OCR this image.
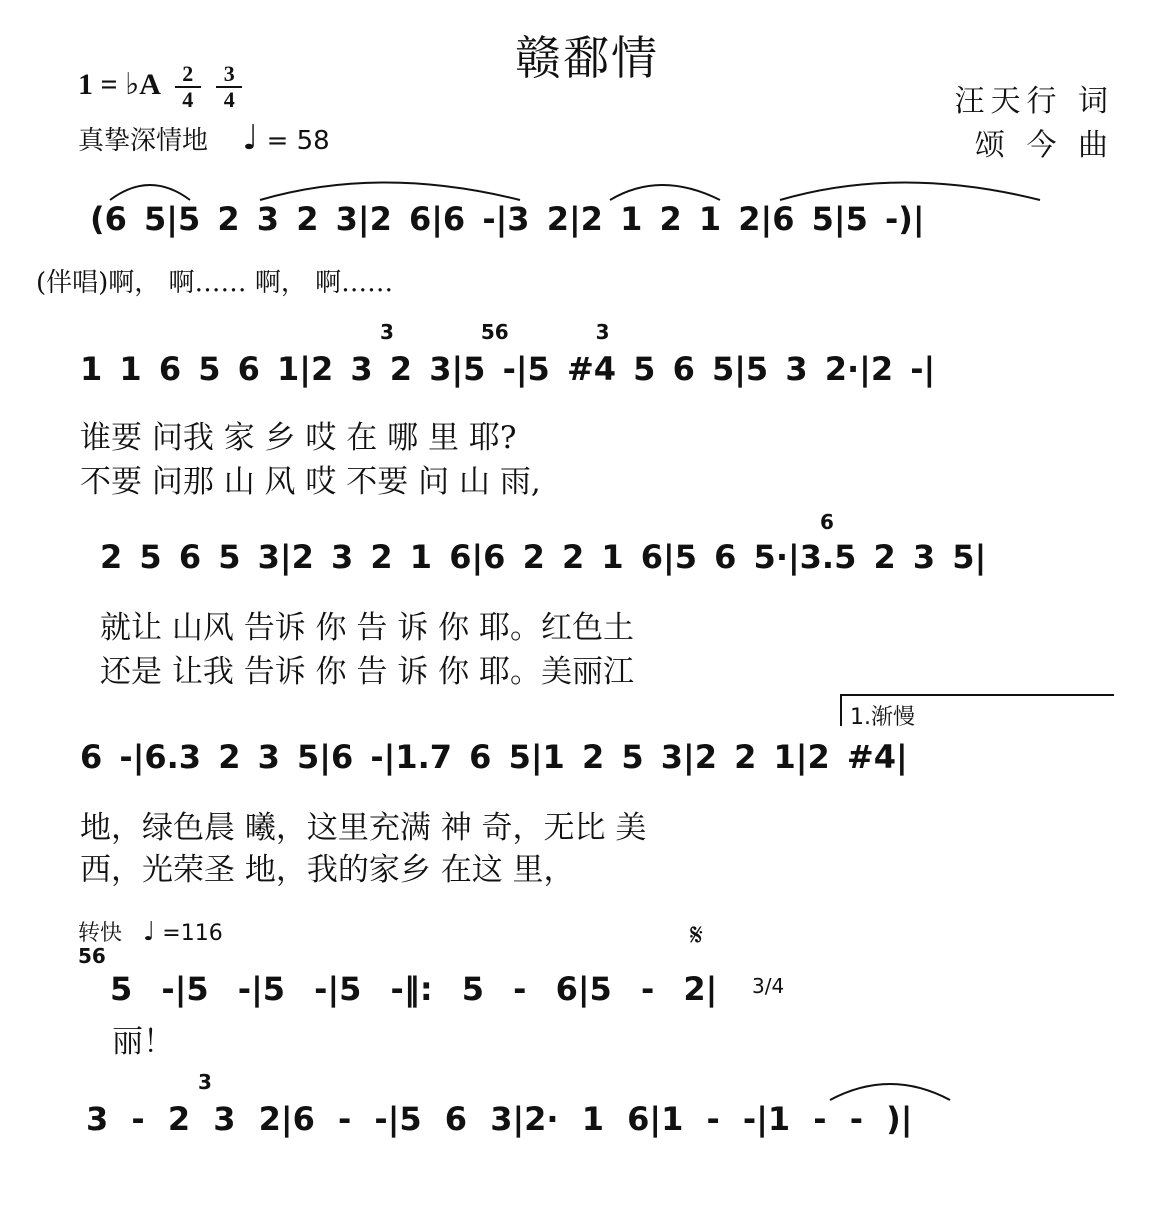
赣鄱情
1 = ♭A $\frac{2}{4}$
$\frac{3}{4}$
真挚深情地 ♩ = 58
汪天行 词
颂 今 曲
(6 5|5 2 3 2 3|2 6|6 -|3 2|2 1 2 1 2|6 5|5 -)|
(伴唱)啊， 啊…… 啊， 啊……
3 56 3
1 1 6 5 6 1|2 3 2 3|5 -|5 #4 5 6 5|5 3 2·|2 -|
谁要 问我 家 乡 哎 在 哪 里 耶?
不要 问那 山 风 哎 不要 问 山 雨,
6
2 5 6 5 3|2 3 2 1 6|6 2 2 1 6|5 6 5·|3.5 2 3 5|
就让 山风 告诉 你 告 诉 你 耶。红色土
还是 让我 告诉 你 告 诉 你 耶。美丽江
1.渐慢
6 -|6.3 2 3 5|6 -|1.7 6 5|1 2 5 3|2 2 1|2 #4|
地，绿色晨 曦，这里充满 神 奇，无比 美
西，光荣圣 地，我的家乡 在这 里，
转快 ♩ =116
56
𝄋
5 -|5 -|5 -|5 -‖: 5 - 6|5 - 2| 3/4
丽！
3
3 - 2 3 2|6 - -|5 6 3|2· 1 6|1 - -|1 - - )|
